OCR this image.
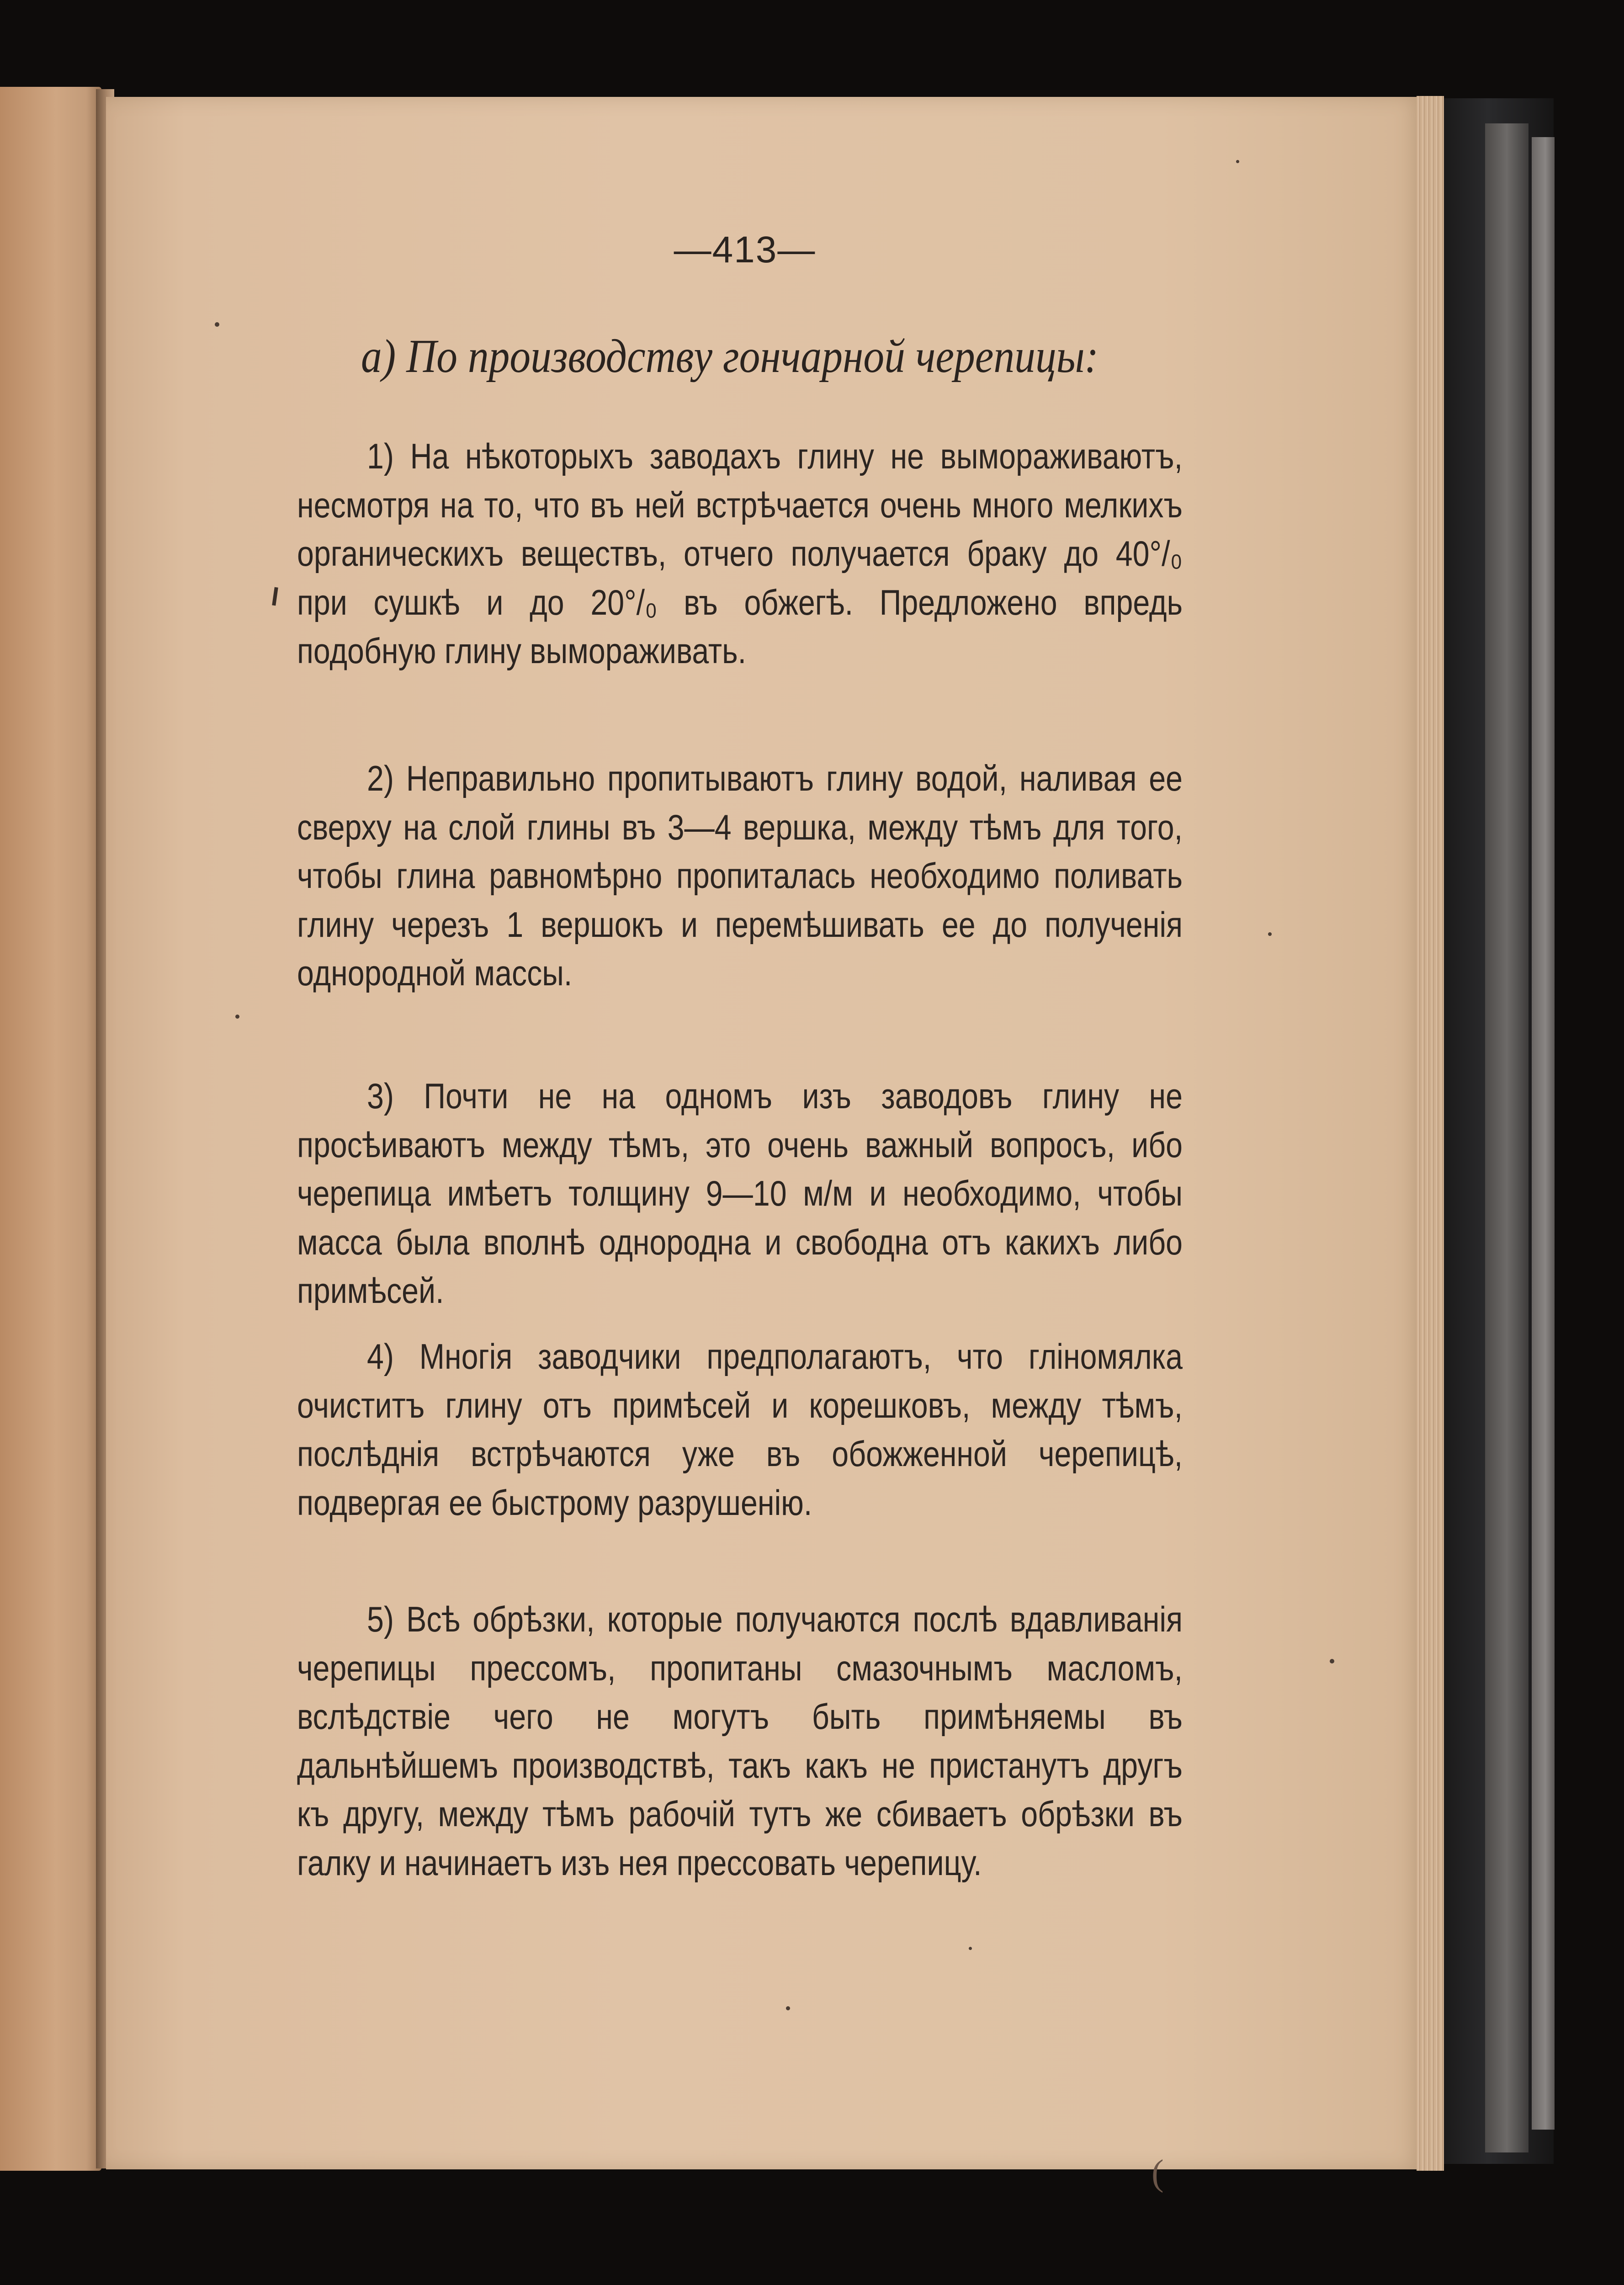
—413—
а) По производству гончарной черепицы:
1) На нѣкоторыхъ заводахъ глину не вымораживаютъ, несмотря на то, что въ ней встрѣчается очень много мелкихъ органическихъ веществъ, отчего получается браку до 40°/₀ при сушкѣ и до 20°/₀ въ обжегѣ. Предложено впредь подобную глину вымораживать.
2) Неправильно пропитываютъ глину водой, наливая ее сверху на слой глины въ 3—4 вершка, между тѣмъ для того, чтобы глина равномѣрно пропиталась необходимо поливать глину черезъ 1 вершокъ и перемѣшивать ее до полученія однородной массы.
3) Почти не на одномъ изъ заводовъ глину не просѣиваютъ между тѣмъ, это очень важный вопросъ, ибо черепица имѣетъ толщину 9—10 м/м и необходимо, чтобы масса была вполнѣ однородна и свободна отъ какихъ либо примѣсей.
4) Многія заводчики предполагаютъ, что гліномялка очиститъ глину отъ примѣсей и корешковъ, между тѣмъ, послѣднія встрѣчаются уже въ обожженной черепицѣ, подвергая ее быстрому разрушенію.
5) Всѣ обрѣзки, которые получаются послѣ вдавливанія черепицы прессомъ, пропитаны смазочнымъ масломъ, вслѣдствіе чего не могутъ быть примѣняемы въ дальнѣйшемъ производствѣ, такъ какъ не пристанутъ другъ къ другу, между тѣмъ рабочій тутъ же сбиваетъ обрѣзки въ галку и начинаетъ изъ нея прессовать черепицу.
(
